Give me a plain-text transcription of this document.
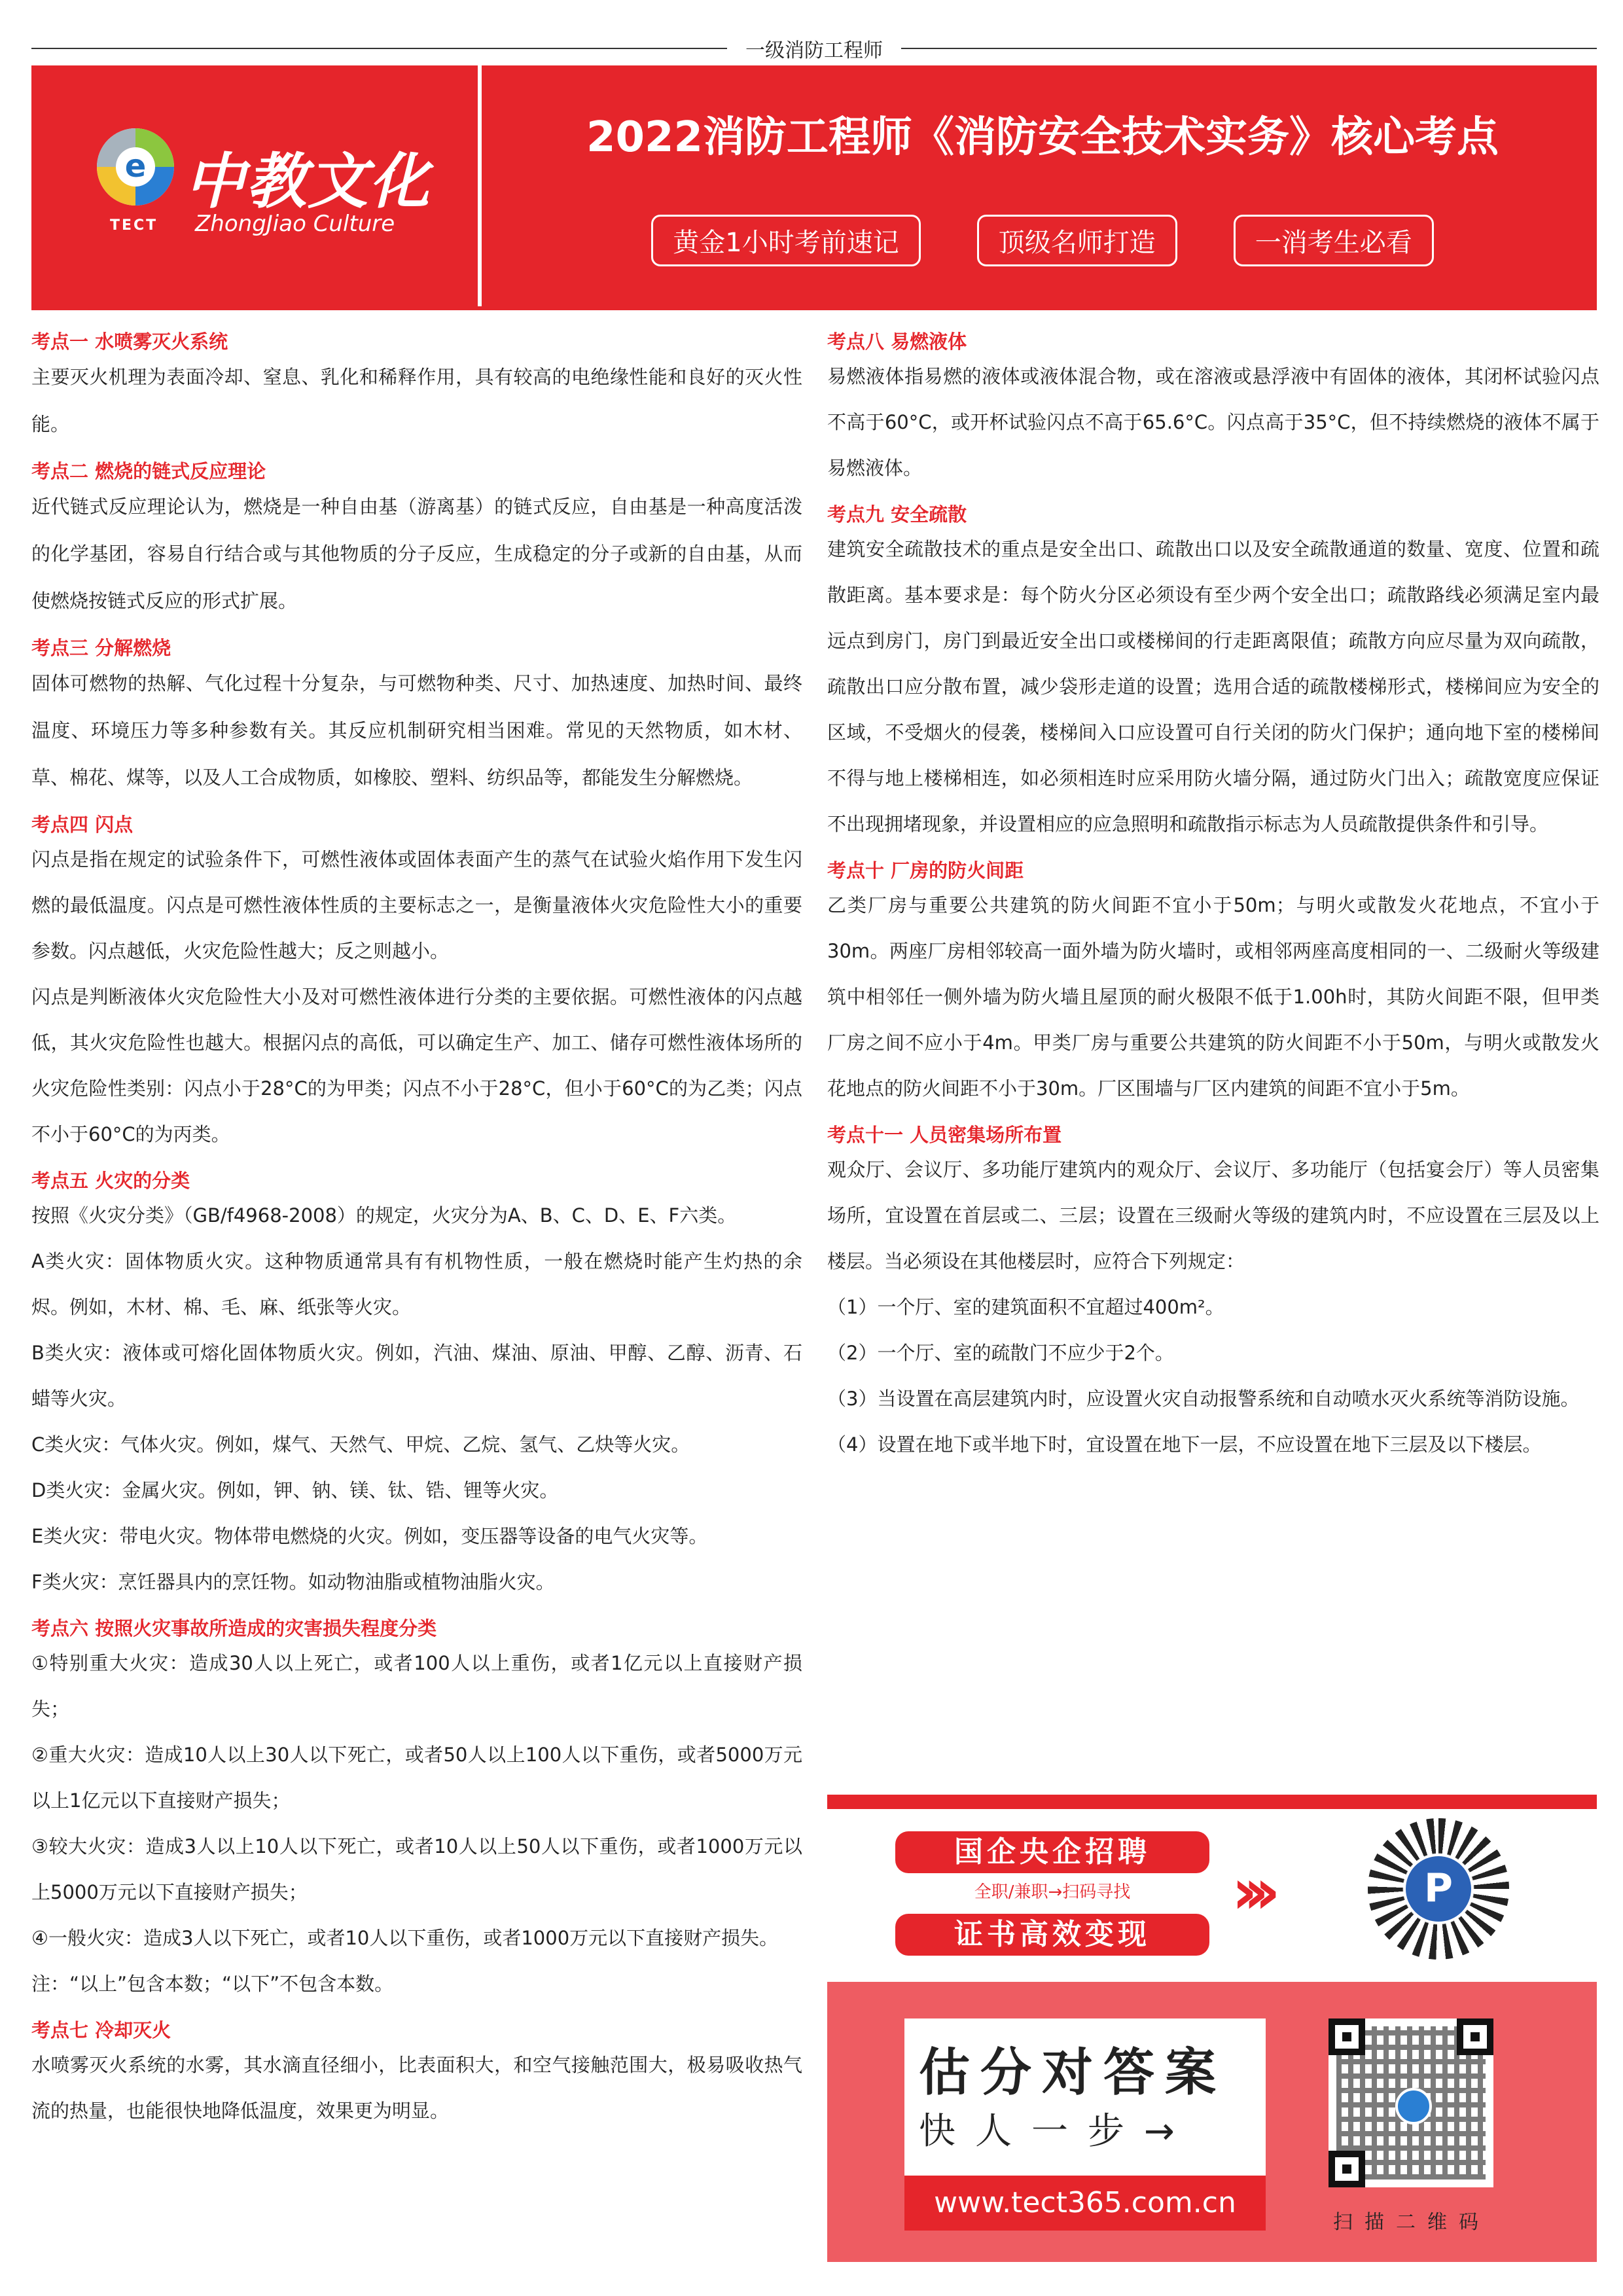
一级消防工程师
e
TECT
中教文化
ZhongJiao Culture
2022消防工程师《消防安全技术实务》核心考点
黄金1小时考前速记	顶级名师打造	一消考生必看
考点一 水喷雾灭火系统

主要灭火机理为表面冷却、窒息、乳化和稀释作用，具有较高的电绝缘性能和良好的灭火性能。

考点二 燃烧的链式反应理论

近代链式反应理论认为，燃烧是一种自由基（游离基）的链式反应，自由基是一种高度活泼的化学基团，容易自行结合或与其他物质的分子反应，生成稳定的分子或新的自由基，从而使燃烧按链式反应的形式扩展。

考点三 分解燃烧

固体可燃物的热解、气化过程十分复杂，与可燃物种类、尺寸、加热速度、加热时间、最终温度、环境压力等多种参数有关。其反应机制研究相当困难。常见的天然物质，如木材、草、棉花、煤等，以及人工合成物质，如橡胶、塑料、纺织品等，都能发生分解燃烧。

考点四 闪点

闪点是指在规定的试验条件下，可燃性液体或固体表面产生的蒸气在试验火焰作用下发生闪燃的最低温度。闪点是可燃性液体性质的主要标志之一，是衡量液体火灾危险性大小的重要参数。闪点越低，火灾危险性越大；反之则越小。

闪点是判断液体火灾危险性大小及对可燃性液体进行分类的主要依据。可燃性液体的闪点越低，其火灾危险性也越大。根据闪点的高低，可以确定生产、加工、储存可燃性液体场所的火灾危险性类别：闪点小于28°C的为甲类；闪点不小于28°C，但小于60°C的为乙类；闪点不小于60°C的为丙类。

考点五 火灾的分类

按照《火灾分类》（GB/f4968-2008）的规定，火灾分为A、B、C、D、E、F六类。

A类火灾：固体物质火灾。这种物质通常具有有机物性质，一般在燃烧时能产生灼热的余烬。例如，木材、棉、毛、麻、纸张等火灾。

B类火灾：液体或可熔化固体物质火灾。例如，汽油、煤油、原油、甲醇、乙醇、沥青、石蜡等火灾。

C类火灾：气体火灾。例如，煤气、天然气、甲烷、乙烷、氢气、乙炔等火灾。

D类火灾：金属火灾。例如，钾、钠、镁、钛、锆、锂等火灾。

E类火灾：带电火灾。物体带电燃烧的火灾。例如，变压器等设备的电气火灾等。

F类火灾：烹饪器具内的烹饪物。如动物油脂或植物油脂火灾。

考点六 按照火灾事故所造成的灾害损失程度分类

①特别重大火灾：造成30人以上死亡，或者100人以上重伤，或者1亿元以上直接财产损失；

②重大火灾：造成10人以上30人以下死亡，或者50人以上100人以下重伤，或者5000万元以上1亿元以下直接财产损失；

③较大火灾：造成3人以上10人以下死亡，或者10人以上50人以下重伤，或者1000万元以上5000万元以下直接财产损失；

④一般火灾：造成3人以下死亡，或者10人以下重伤，或者1000万元以下直接财产损失。

注：“以上”包含本数；“以下”不包含本数。

考点七 冷却灭火

水喷雾灭火系统的水雾，其水滴直径细小，比表面积大，和空气接触范围大，极易吸收热气流的热量，也能很快地降低温度，效果更为明显。

考点八 易燃液体

易燃液体指易燃的液体或液体混合物，或在溶液或悬浮液中有固体的液体，其闭杯试验闪点不高于60°C，或开杯试验闪点不高于65.6°C。闪点高于35°C，但不持续燃烧的液体不属于易燃液体。

考点九 安全疏散

建筑安全疏散技术的重点是安全出口、疏散出口以及安全疏散通道的数量、宽度、位置和疏散距离。基本要求是：每个防火分区必须设有至少两个安全出口；疏散路线必须满足室内最远点到房门，房门到最近安全出口或楼梯间的行走距离限值；疏散方向应尽量为双向疏散，疏散出口应分散布置，减少袋形走道的设置；选用合适的疏散楼梯形式，楼梯间应为安全的区域，不受烟火的侵袭，楼梯间入口应设置可自行关闭的防火门保护；通向地下室的楼梯间不得与地上楼梯相连，如必须相连时应采用防火墙分隔，通过防火门出入；疏散宽度应保证不出现拥堵现象，并设置相应的应急照明和疏散指示标志为人员疏散提供条件和引导。

考点十 厂房的防火间距

乙类厂房与重要公共建筑的防火间距不宜小于50m；与明火或散发火花地点，不宜小于30m。两座厂房相邻较高一面外墙为防火墙时，或相邻两座高度相同的一、二级耐火等级建筑中相邻任一侧外墙为防火墙且屋顶的耐火极限不低于1.00h时，其防火间距不限，但甲类厂房之间不应小于4m。甲类厂房与重要公共建筑的防火间距不小于50m，与明火或散发火花地点的防火间距不小于30m。厂区围墙与厂区内建筑的间距不宜小于5m。

考点十一 人员密集场所布置

观众厅、会议厅、多功能厅建筑内的观众厅、会议厅、多功能厅（包括宴会厅）等人员密集场所，宜设置在首层或二、三层；设置在三级耐火等级的建筑内时，不应设置在三层及以上楼层。当必须设在其他楼层时，应符合下列规定：

（1）一个厅、室的建筑面积不宜超过400m²。

（2）一个厅、室的疏散门不应少于2个。

（3）当设置在高层建筑内时，应设置火灾自动报警系统和自动喷水灭火系统等消防设施。

（4）设置在地下或半地下时，宜设置在地下一层，不应设置在地下三层及以下楼层。

国企央企招聘
全职/兼职→扫码寻找
证书高效变现
›››	P
估分对答案
快人一步→
www.tect365.com.cn
扫描二维码
